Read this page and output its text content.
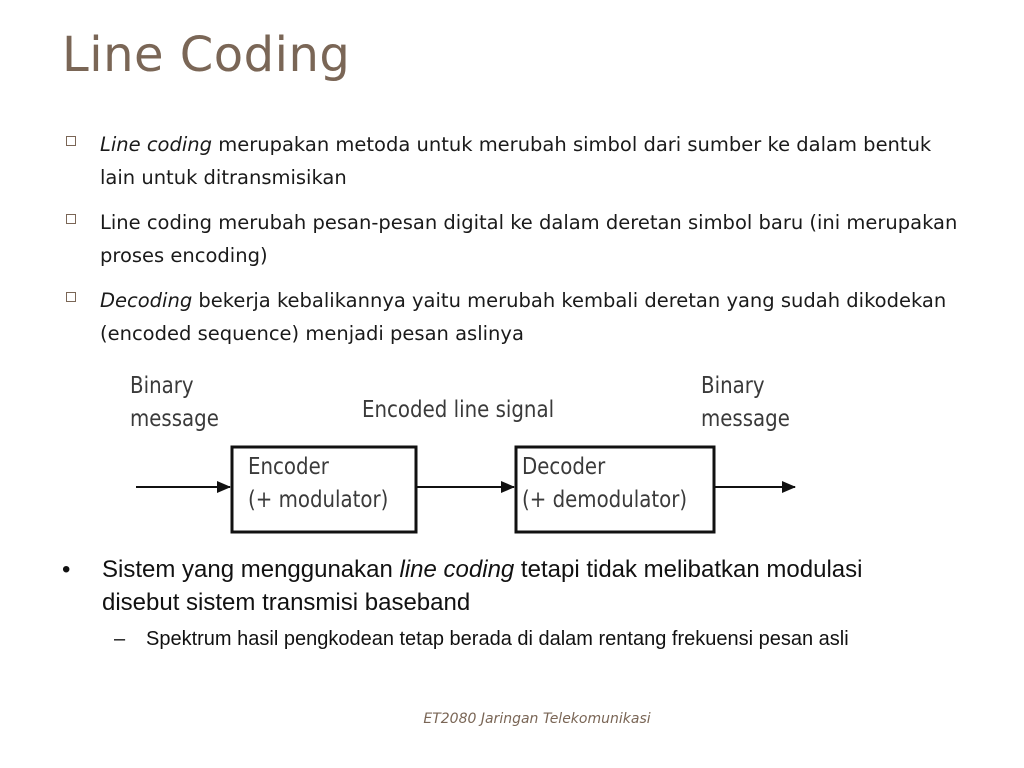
Line Coding
Line coding merupakan metoda untuk merubah simbol dari sumber ke dalam bentuk lain untuk ditransmisikan
Line coding merubah pesan-pesan digital ke dalam deretan simbol baru (ini merupakan proses encoding)
Decoding bekerja kebalikannya yaitu merubah kembali deretan yang sudah dikodekan (encoded sequence) menjadi pesan aslinya
Binary
message	Encoded line signal
Encoder
(+ modulator)
Decoder
(+ demodulator)
Binary
message
•	Sistem yang menggunakan line coding tetapi tidak melibatkan modulasi disebut sistem transmisi baseband
–	Spektrum hasil pengkodean tetap berada di dalam rentang frekuensi pesan asli
ET2080 Jaringan Telekomunikasi
